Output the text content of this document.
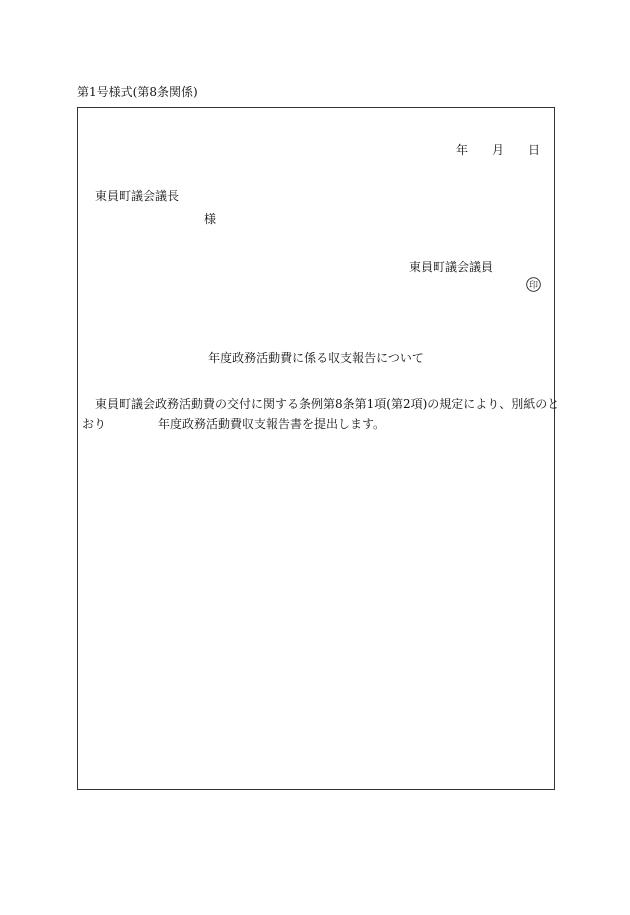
第1号様式(第8条関係)
年 月 日
東員町議会議長
様
東員町議会議員
印
年度政務活動費に係る収支報告について
東員町議会政務活動費の交付に関する条例第8条第1項(第2項)の規定により、別紙のと
おり	年度政務活動費収支報告書を提出します。
